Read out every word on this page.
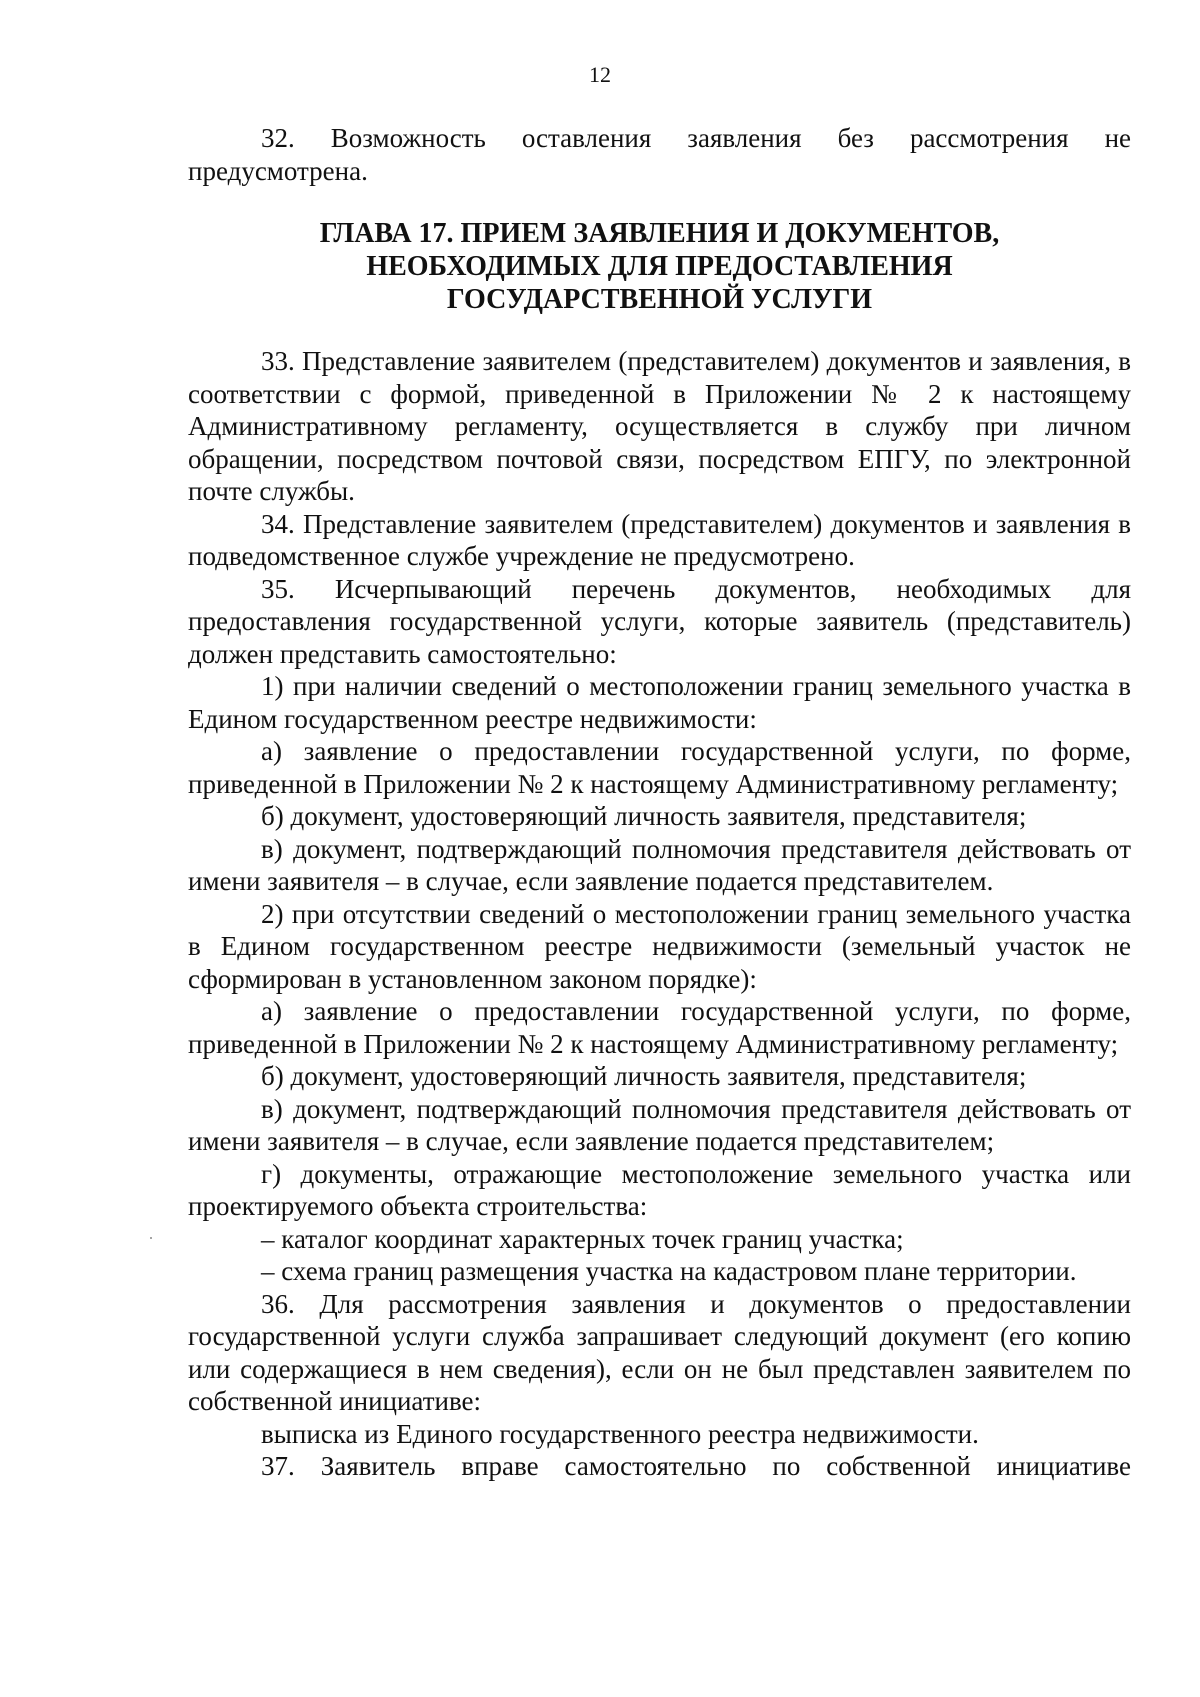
12

32. Возможность оставления заявления без рассмотрения не предусмотрена.

ГЛАВА 17. ПРИЕМ ЗАЯВЛЕНИЯ И ДОКУМЕНТОВ,
НЕОБХОДИМЫХ ДЛЯ ПРЕДОСТАВЛЕНИЯ
ГОСУДАРСТВЕННОЙ УСЛУГИ

33. Представление заявителем (представителем) документов и заявления, в соответствии с формой, приведенной в Приложении № 2 к настоящему Административному регламенту, осуществляется в службу при личном обращении, посредством почтовой связи, посредством ЕПГУ, по электронной почте службы.

34. Представление заявителем (представителем) документов и заявления в подведомственное службе учреждение не предусмотрено.

35. Исчерпывающий перечень документов, необходимых для предоставления государственной услуги, которые заявитель (представитель) должен представить самостоятельно:

1) при наличии сведений о местоположении границ земельного участка в Едином государственном реестре недвижимости:

а) заявление о предоставлении государственной услуги, по форме, приведенной в Приложении № 2 к настоящему Административному регламенту;

б) документ, удостоверяющий личность заявителя, представителя;

в) документ, подтверждающий полномочия представителя действовать от имени заявителя – в случае, если заявление подается представителем.

2) при отсутствии сведений о местоположении границ земельного участка в Едином государственном реестре недвижимости (земельный участок не сформирован в установленном законом порядке):

а) заявление о предоставлении государственной услуги, по форме, приведенной в Приложении № 2 к настоящему Административному регламенту;

б) документ, удостоверяющий личность заявителя, представителя;

в) документ, подтверждающий полномочия представителя действовать от имени заявителя – в случае, если заявление подается представителем;

г) документы, отражающие местоположение земельного участка или проектируемого объекта строительства:

– каталог координат характерных точек границ участка;

– схема границ размещения участка на кадастровом плане территории.

36. Для рассмотрения заявления и документов о предоставлении государственной услуги служба запрашивает следующий документ (его копию или содержащиеся в нем сведения), если он не был представлен заявителем по собственной инициативе:

выписка из Единого государственного реестра недвижимости.

37. Заявитель вправе самостоятельно по собственной инициативе
